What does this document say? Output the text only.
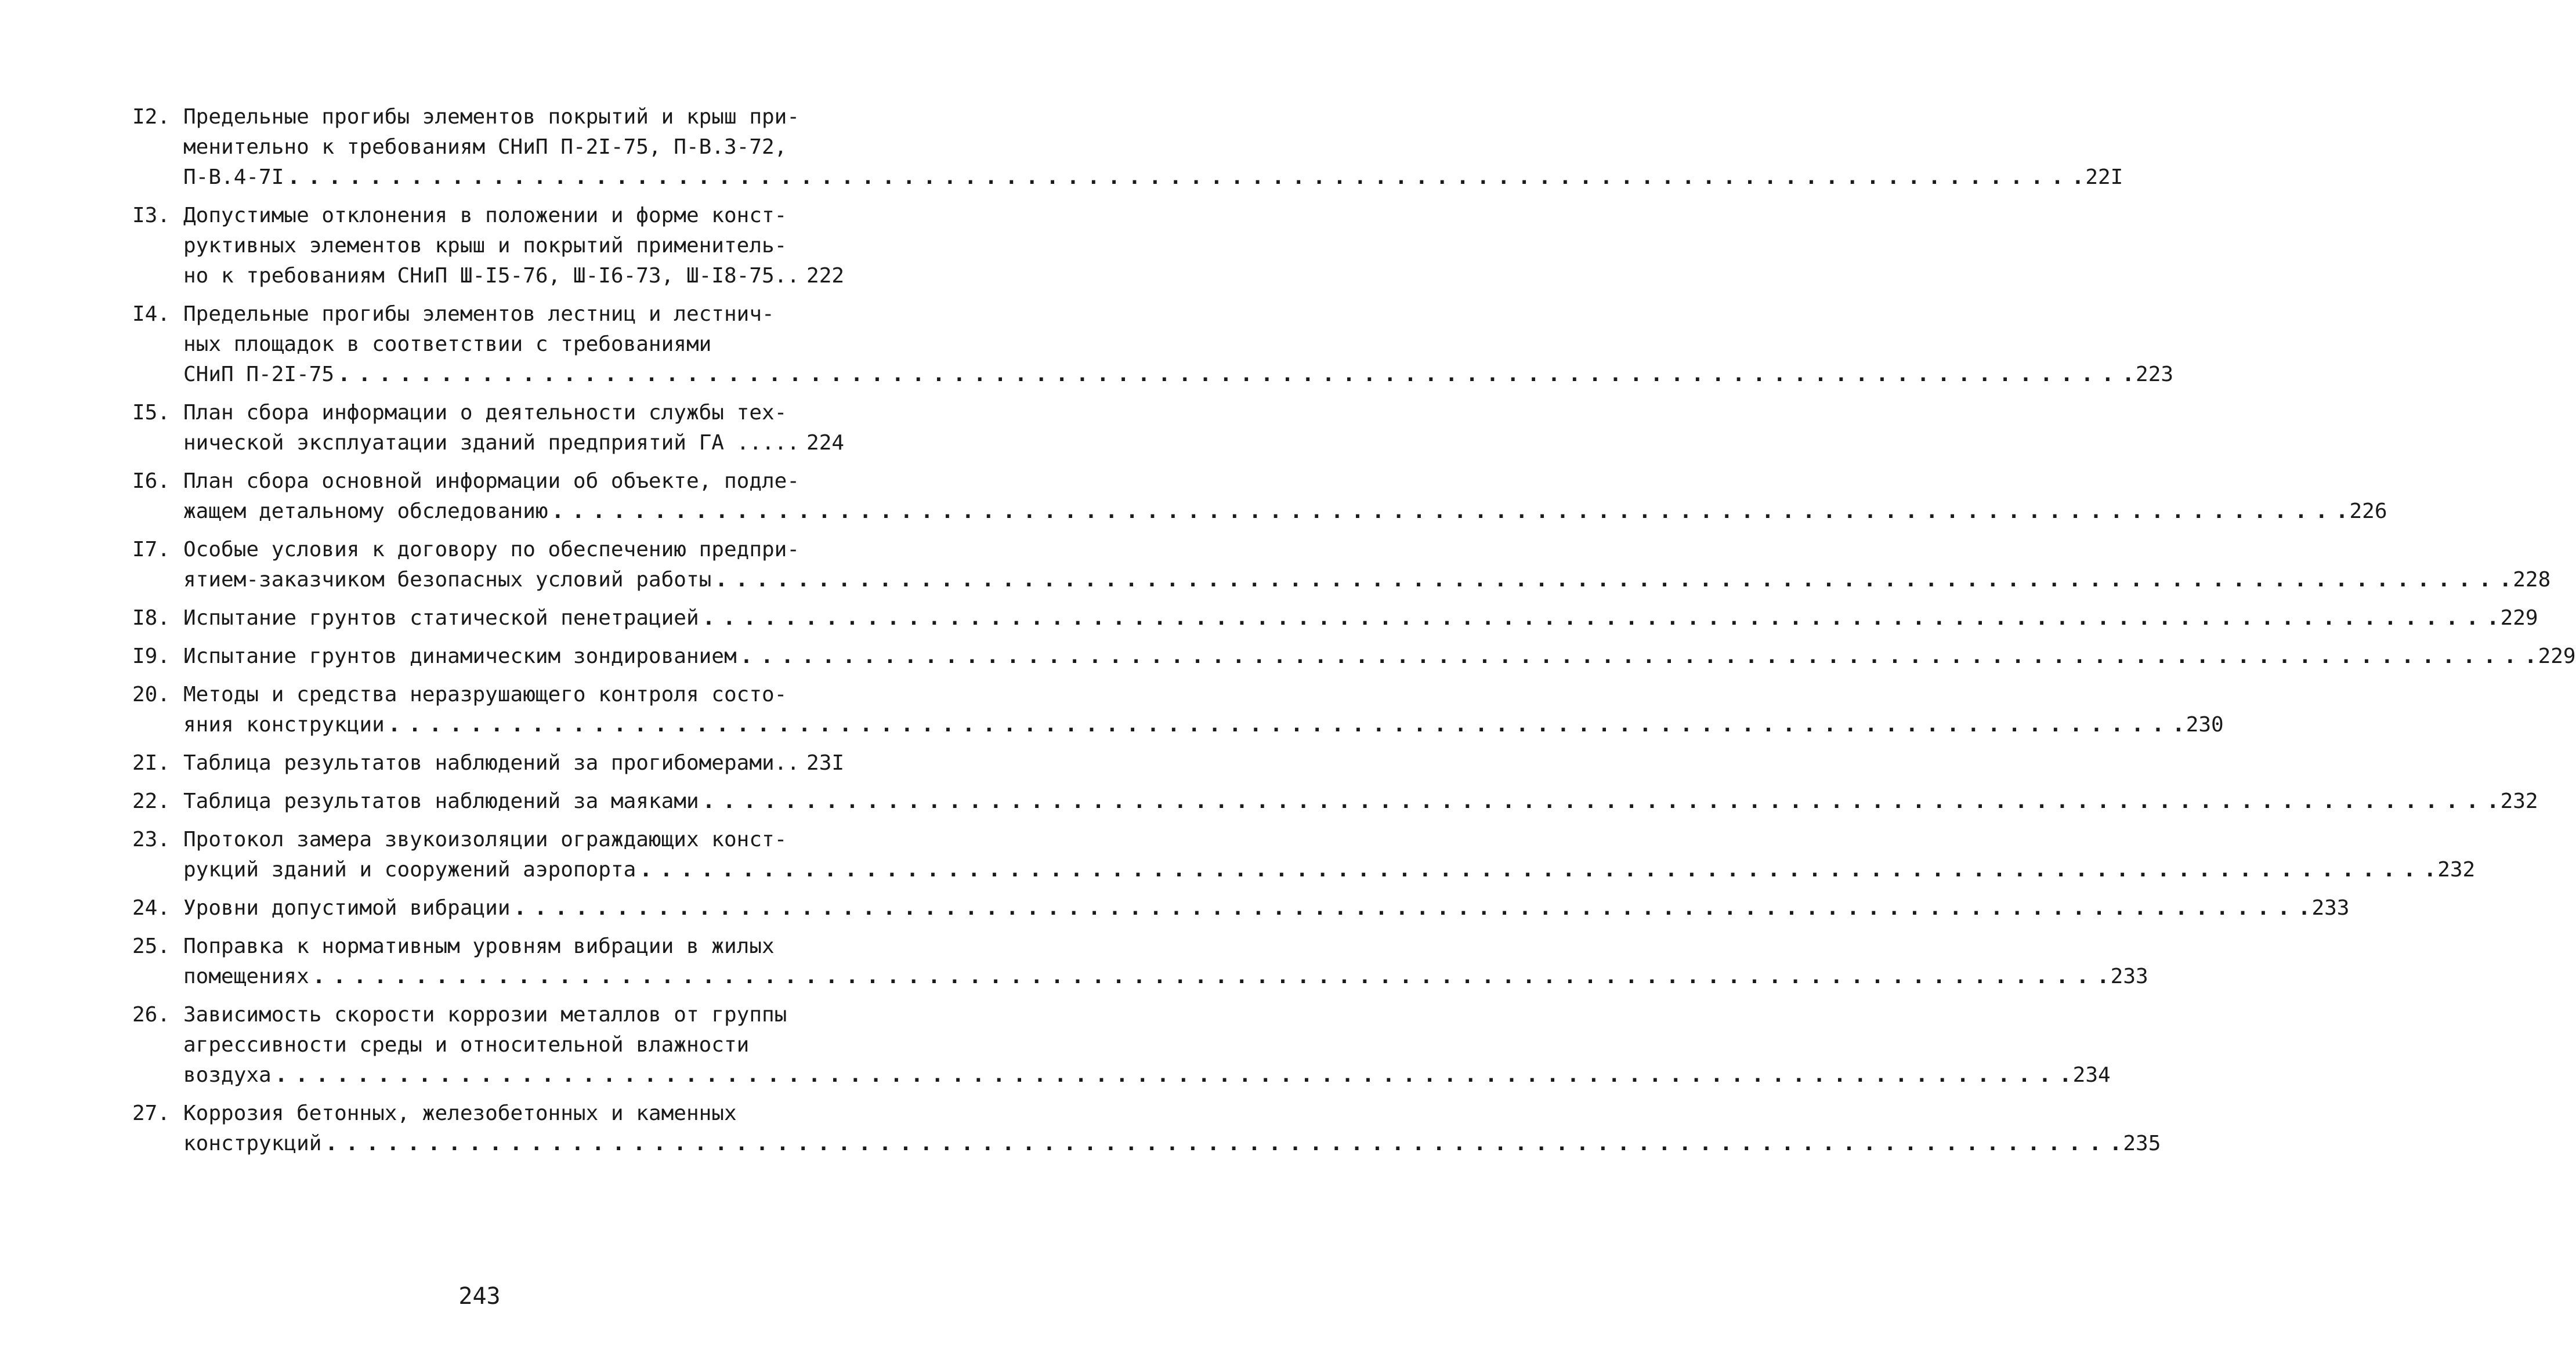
I2. Предельные прогибы элементов покрытий и крыш при-
менительно к требованиям СНиП П-2I-75, П-В.3-72,
П-В.4-7I . . .	22I
I3. Допустимые отклонения в положении и форме конст-
руктивных элементов крыш и покрытий применитель-
но к требованиям СНиП Ш-I5-76, Ш-I6-73, Ш-I8-75.. 222
I4. Предельные прогибы элементов лестниц и лестнич-
ных площадок в соответствии с требованиями
СНиП П-2I-75 . . .	223
I5. План сбора информации о деятельности службы тех-
нической эксплуатации зданий предприятий ГА ..... 224
I6. План сбора основной информации об объекте, подле-
жащем детальному обследованию . . .	226
I7. Особые условия к договору по обеспечению предпри-
ятием-заказчиком безопасных условий работы . . .	228
I8. Испытание грунтов статической пенетрацией . . .	229
I9. Испытание грунтов динамическим зондированием . . .	229
20. Методы и средства неразрушающего контроля состо-
яния конструкции . . .	230
2I. Таблица результатов наблюдений за прогибомерами.. 23I
22. Таблица результатов наблюдений за маяками . . .	232
23. Протокол замера звукоизоляции ограждающих конст-
рукций зданий и сооружений аэропорта . . .	232
24. Уровни допустимой вибрации . . .	233
25. Поправка к нормативным уровням вибрации в жилых
помещениях . . .	233
26. Зависимость скорости коррозии металлов от группы
агрессивности среды и относительной влажности
воздуха . . .	234
27. Коррозия бетонных, железобетонных и каменных
конструкций . . .	235
243
